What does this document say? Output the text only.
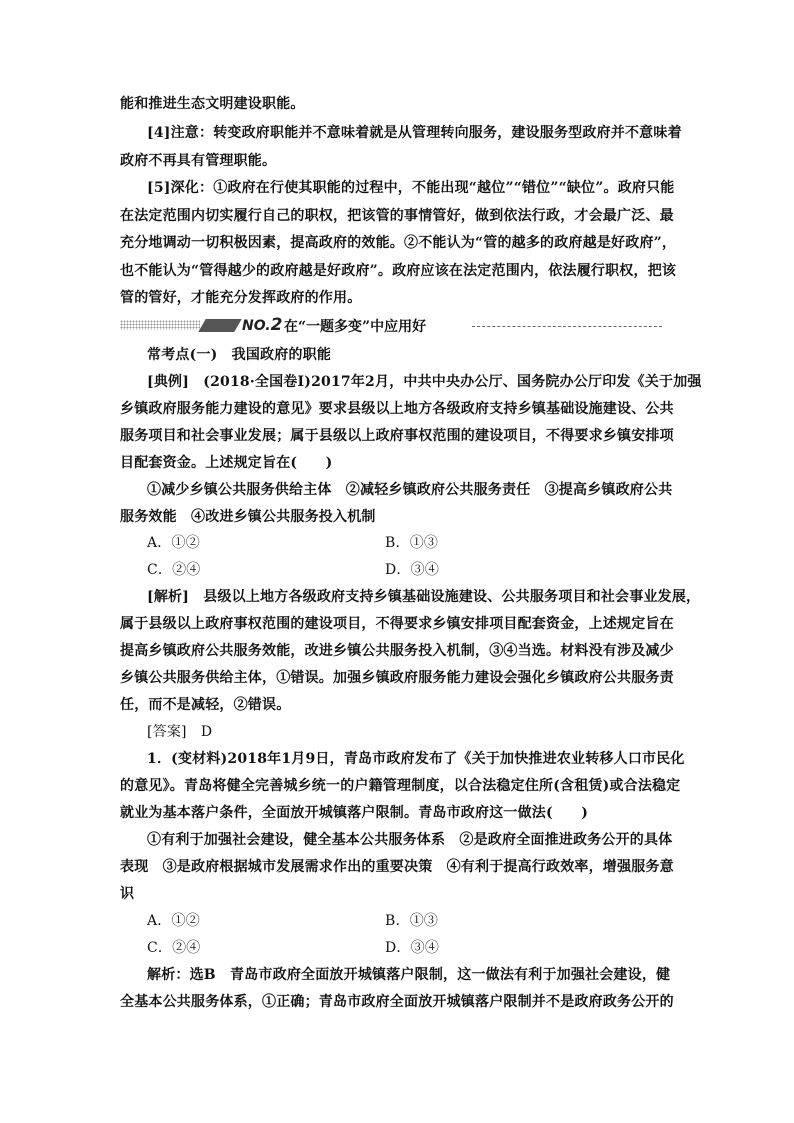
能和推进生态文明建设职能。
[4]注意：转变政府职能并不意味着就是从管理转向服务，建设服务型政府并不意味着
政府不再具有管理职能。
[5]深化：①政府在行使其职能的过程中，不能出现“越位”“错位”“缺位”。政府只能
在法定范围内切实履行自己的职权，把该管的事情管好，做到依法行政，才会最广泛、最
充分地调动一切积极因素，提高政府的效能。②不能认为“管的越多的政府越是好政府”，
也不能认为“管得越少的政府越是好政府”。政府应该在法定范围内，依法履行职权，把该
管的管好，才能充分发挥政府的作用。
NO.2 在“一题多变”中应用好
常考点(一)　我国政府的职能
[典例]　(2018·全国卷Ⅰ)2017年2月，中共中央办公厅、国务院办公厅印发《关于加强
乡镇政府服务能力建设的意见》要求县级以上地方各级政府支持乡镇基础设施建设、公共
服务项目和社会事业发展；属于县级以上政府事权范围的建设项目，不得要求乡镇安排项
目配套资金。上述规定旨在(　　)
①减少乡镇公共服务供给主体　②减轻乡镇政府公共服务责任　③提高乡镇政府公共
服务效能　④改进乡镇公共服务投入机制
A．①②	B．①③
C．②④	D．③④
[解析]　县级以上地方各级政府支持乡镇基础设施建设、公共服务项目和社会事业发展，
属于县级以上政府事权范围的建设项目，不得要求乡镇安排项目配套资金，上述规定旨在
提高乡镇政府公共服务效能，改进乡镇公共服务投入机制，③④当选。材料没有涉及减少
乡镇公共服务供给主体，①错误。加强乡镇政府服务能力建设会强化乡镇政府公共服务责
任，而不是减轻，②错误。
[答案]　D
1．(变材料)2018年1月9日，青岛市政府发布了《关于加快推进农业转移人口市民化
的意见》。青岛将健全完善城乡统一的户籍管理制度，以合法稳定住所(含租赁)或合法稳定
就业为基本落户条件，全面放开城镇落户限制。青岛市政府这一做法(　　)
①有利于加强社会建设，健全基本公共服务体系　②是政府全面推进政务公开的具体
表现　③是政府根据城市发展需求作出的重要决策　④有利于提高行政效率，增强服务意
识
A．①②	B．①③
C．②④	D．③④
解析：选B　青岛市政府全面放开城镇落户限制，这一做法有利于加强社会建设，健
全基本公共服务体系，①正确；青岛市政府全面放开城镇落户限制并不是政府政务公开的
